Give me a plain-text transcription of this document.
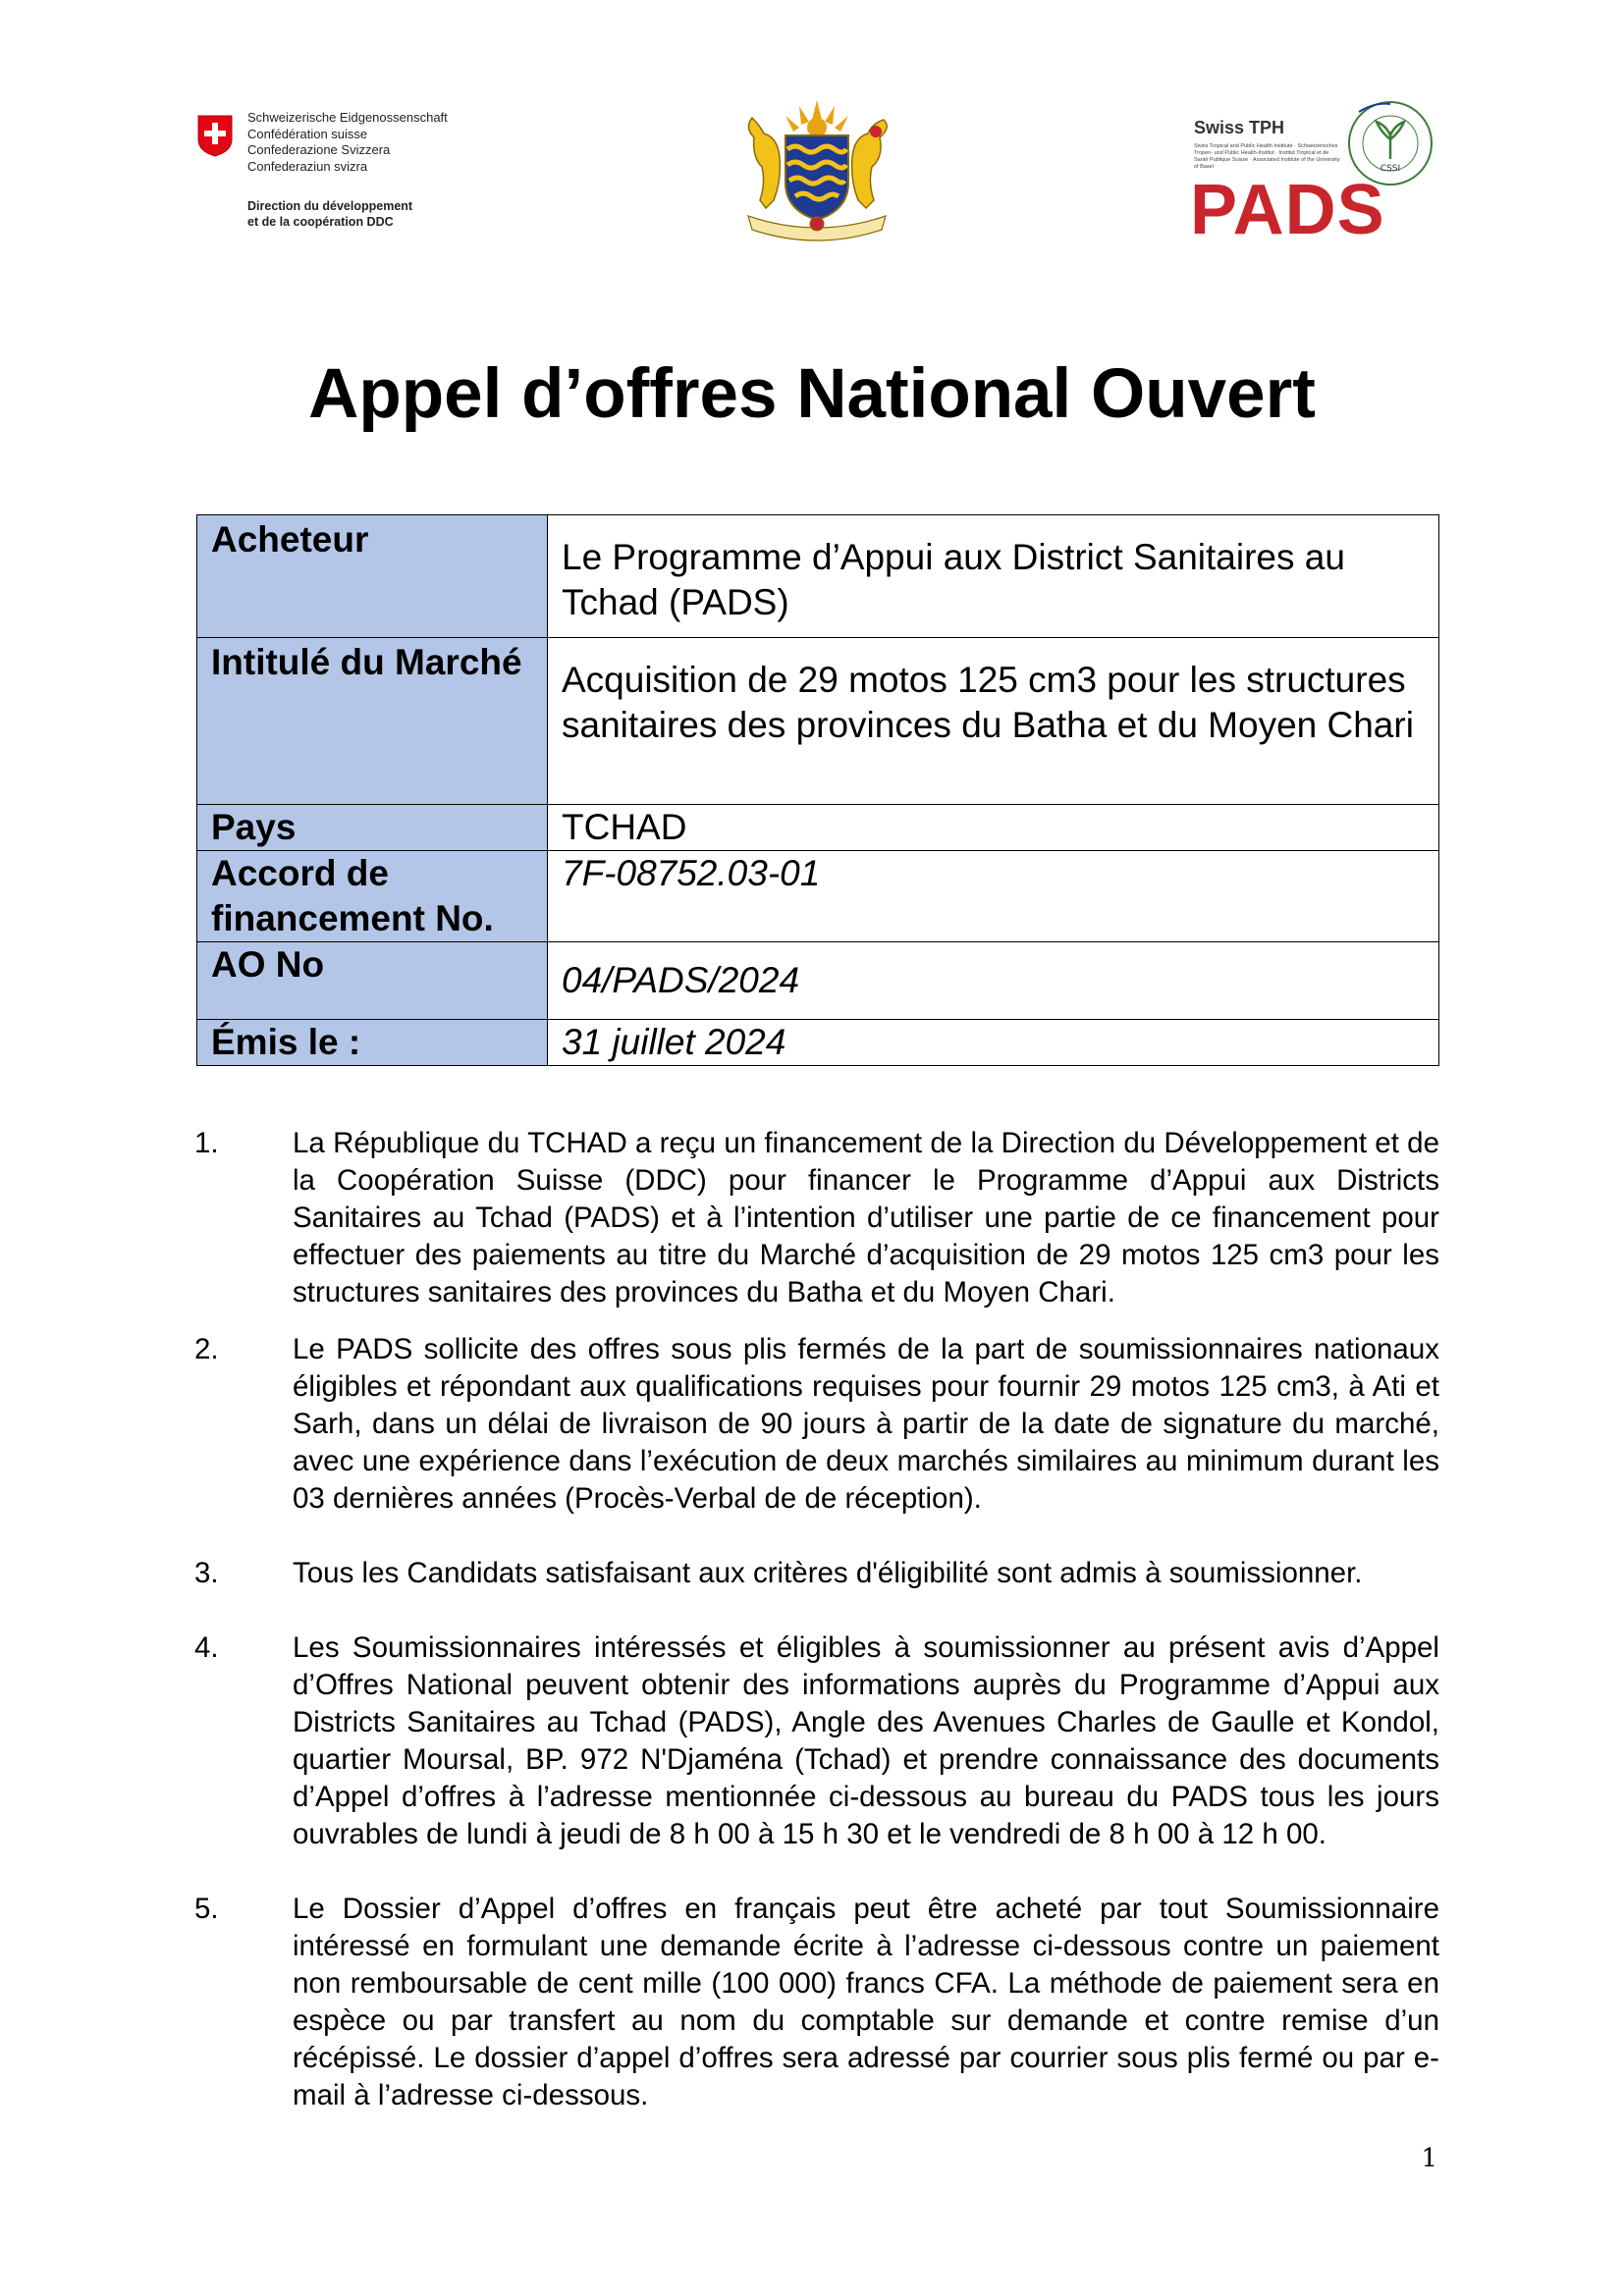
Schweizerische Eidgenossenschaft
Confédération suisse
Confederazione Svizzera
Confederaziun svizra
Direction du développement
et de la coopération DDC
Swiss TPH
Swiss Tropical and Public Health Institute · Schweizerisches Tropen- und Public Health-Institut · Institut Tropical et de Santé Publique Suisse · Associated Institute of the University of Basel	CSSI
PADS
Appel d’offres National Ouvert
Acheteur	Le Programme d’Appui aux District Sanitaires au Tchad (PADS)
Intitulé du Marché	Acquisition de 29 motos 125 cm3 pour les structures sanitaires des provinces du Batha et du Moyen Chari
Pays	TCHAD
Accord de financement No.	7F-08752.03-01
AO No	04/PADS/2024
Émis le :	31 juillet 2024
1.	La République du TCHAD a reçu un financement de la Direction du Développement et de la Coopération Suisse (DDC) pour financer le Programme d’Appui aux Districts Sanitaires au Tchad (PADS) et à l’intention d’utiliser une partie de ce financement pour effectuer des paiements au titre du Marché d’acquisition de 29 motos 125 cm3 pour les structures sanitaires des provinces du Batha et du Moyen Chari.
2.	Le PADS sollicite des offres sous plis fermés de la part de soumissionnaires nationaux éligibles et répondant aux qualifications requises pour fournir 29 motos 125 cm3, à Ati et Sarh, dans un délai de livraison de 90 jours à partir de la date de signature du marché, avec une expérience dans l’exécution de deux marchés similaires au minimum durant les 03 dernières années (Procès-Verbal de de réception).
3.	Tous les Candidats satisfaisant aux critères d'éligibilité sont admis à soumissionner.
4.	Les Soumissionnaires intéressés et éligibles à soumissionner au présent avis d’Appel d’Offres National peuvent obtenir des informations auprès du Programme d’Appui aux Districts Sanitaires au Tchad (PADS), Angle des Avenues Charles de Gaulle et Kondol, quartier Moursal, BP. 972 N'Djaména (Tchad) et prendre connaissance des documents d’Appel d’offres à l’adresse mentionnée ci-dessous au bureau du PADS tous les jours ouvrables de lundi à jeudi de 8 h 00 à 15 h 30 et le vendredi de 8 h 00 à 12 h 00.
5.	Le Dossier d’Appel d’offres en français peut être acheté par tout Soumissionnaire intéressé en formulant une demande écrite à l’adresse ci-dessous contre un paiement non remboursable de cent mille (100 000) francs CFA. La méthode de paiement sera en espèce ou par transfert au nom du comptable sur demande et contre remise d’un récépissé. Le dossier d’appel d’offres sera adressé par courrier sous plis fermé ou par e-mail à l’adresse ci-dessous.
1
